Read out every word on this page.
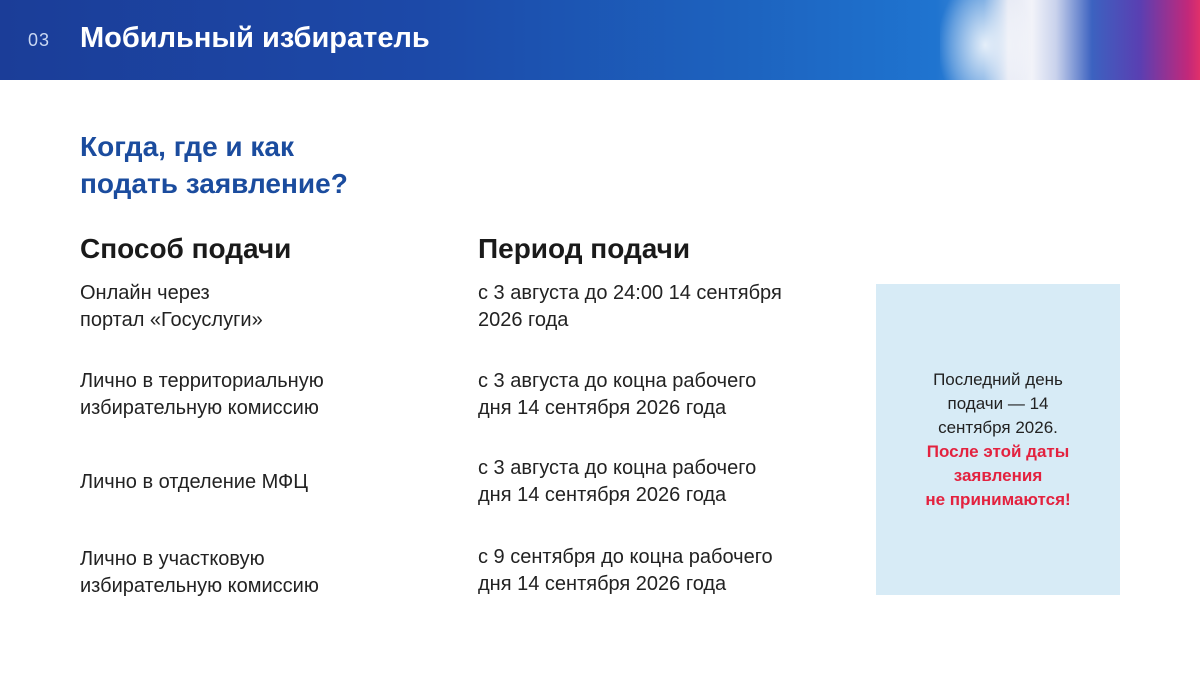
03 Мобильный избиратель
Когда, где и как
подать заявление?
Способ подачи	Период подачи
Онлайн через
портал «Госуслуги»
с 3 августа до 24:00 14 сентября
2026 года
Лично в территориальную
избирательную комиссию
с 3 августа до коцна рабочего
дня 14 сентября 2026 года
Лично в отделение МФЦ
с 3 августа до коцна рабочего
дня 14 сентября 2026 года
Лично в участковую
избирательную комиссию
с 9 сентября до коцна рабочего
дня 14 сентября 2026 года
Последний день
подачи — 14
сентября 2026.
После этой даты
заявления
не принимаются!
